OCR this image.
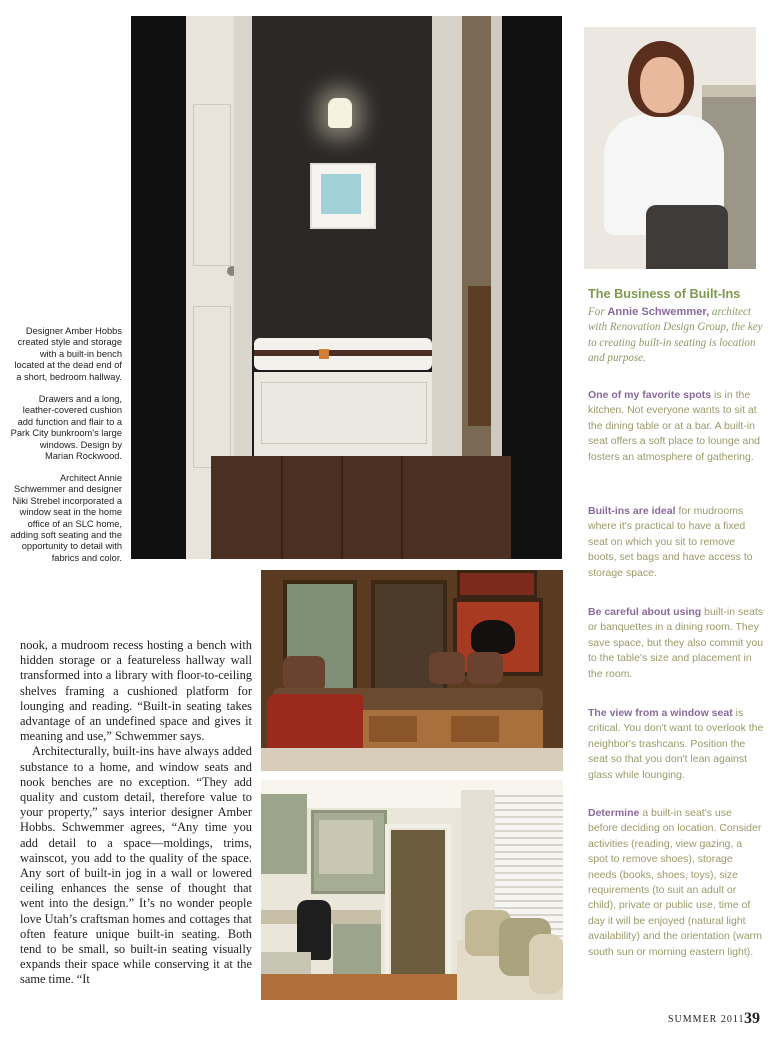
Designer Amber Hobbs created style and storage with a built-in bench located at the dead end of a short, bedroom hallway.
Drawers and a long, leather-covered cushion add function and flair to a Park City bunkroom's large windows. Design by Marian Rockwood.
Architect Annie Schwemmer and designer Niki Strebel incorporated a window seat in the home office of an SLC home, adding soft seating and the opportunity to detail with fabrics and color.

nook, a mudroom recess hosting a bench with hidden storage or a featureless hallway wall transformed into a library with floor-to-ceiling shelves framing a cushioned platform for lounging and reading. “Built-in seating takes advantage of an undefined space and gives it meaning and use,” Schwemmer says.

Architecturally, built-ins have always added substance to a home, and window seats and nook benches are no exception. “They add quality and custom detail, therefore value to your property,” says interior designer Amber Hobbs. Schwemmer agrees, “Any time you add detail to a space—moldings, trims, wainscot, you add to the quality of the space. Any sort of built-in jog in a wall or lowered ceiling enhances the sense of thought that went into the design.” It’s no wonder people love Utah’s craftsman homes and cottages that often feature unique built-in seating. Both tend to be small, so built-in seating visually expands their space while conserving it at the same time. “It

The Business of Built-Ins

For Annie Schwemmer, architect with Renovation Design Group, the key to creating built-in seating is location and purpose.

One of my favorite spots is in the kitchen. Not everyone wants to sit at the dining table or at a bar. A built-in seat offers a soft place to lounge and fosters an atmosphere of gathering.

Built-ins are ideal for mudrooms where it's practical to have a fixed seat on which you sit to remove boots, set bags and have access to storage space.

Be careful about using built-in seats or banquettes in a dining room. They save space, but they also commit you to the table's size and placement in the room.

The view from a window seat is critical. You don't want to overlook the neighbor's trashcans. Position the seat so that you don't lean against glass while lounging.

Determine a built-in seat's use before deciding on location. Consider activities (reading, view gazing, a spot to remove shoes), storage needs (books, shoes, toys), size requirements (to suit an adult or child), private or public use, time of day it will be enjoyed (natural light availability) and the orientation (warm south sun or morning eastern light).

SUMMER 2011 39
